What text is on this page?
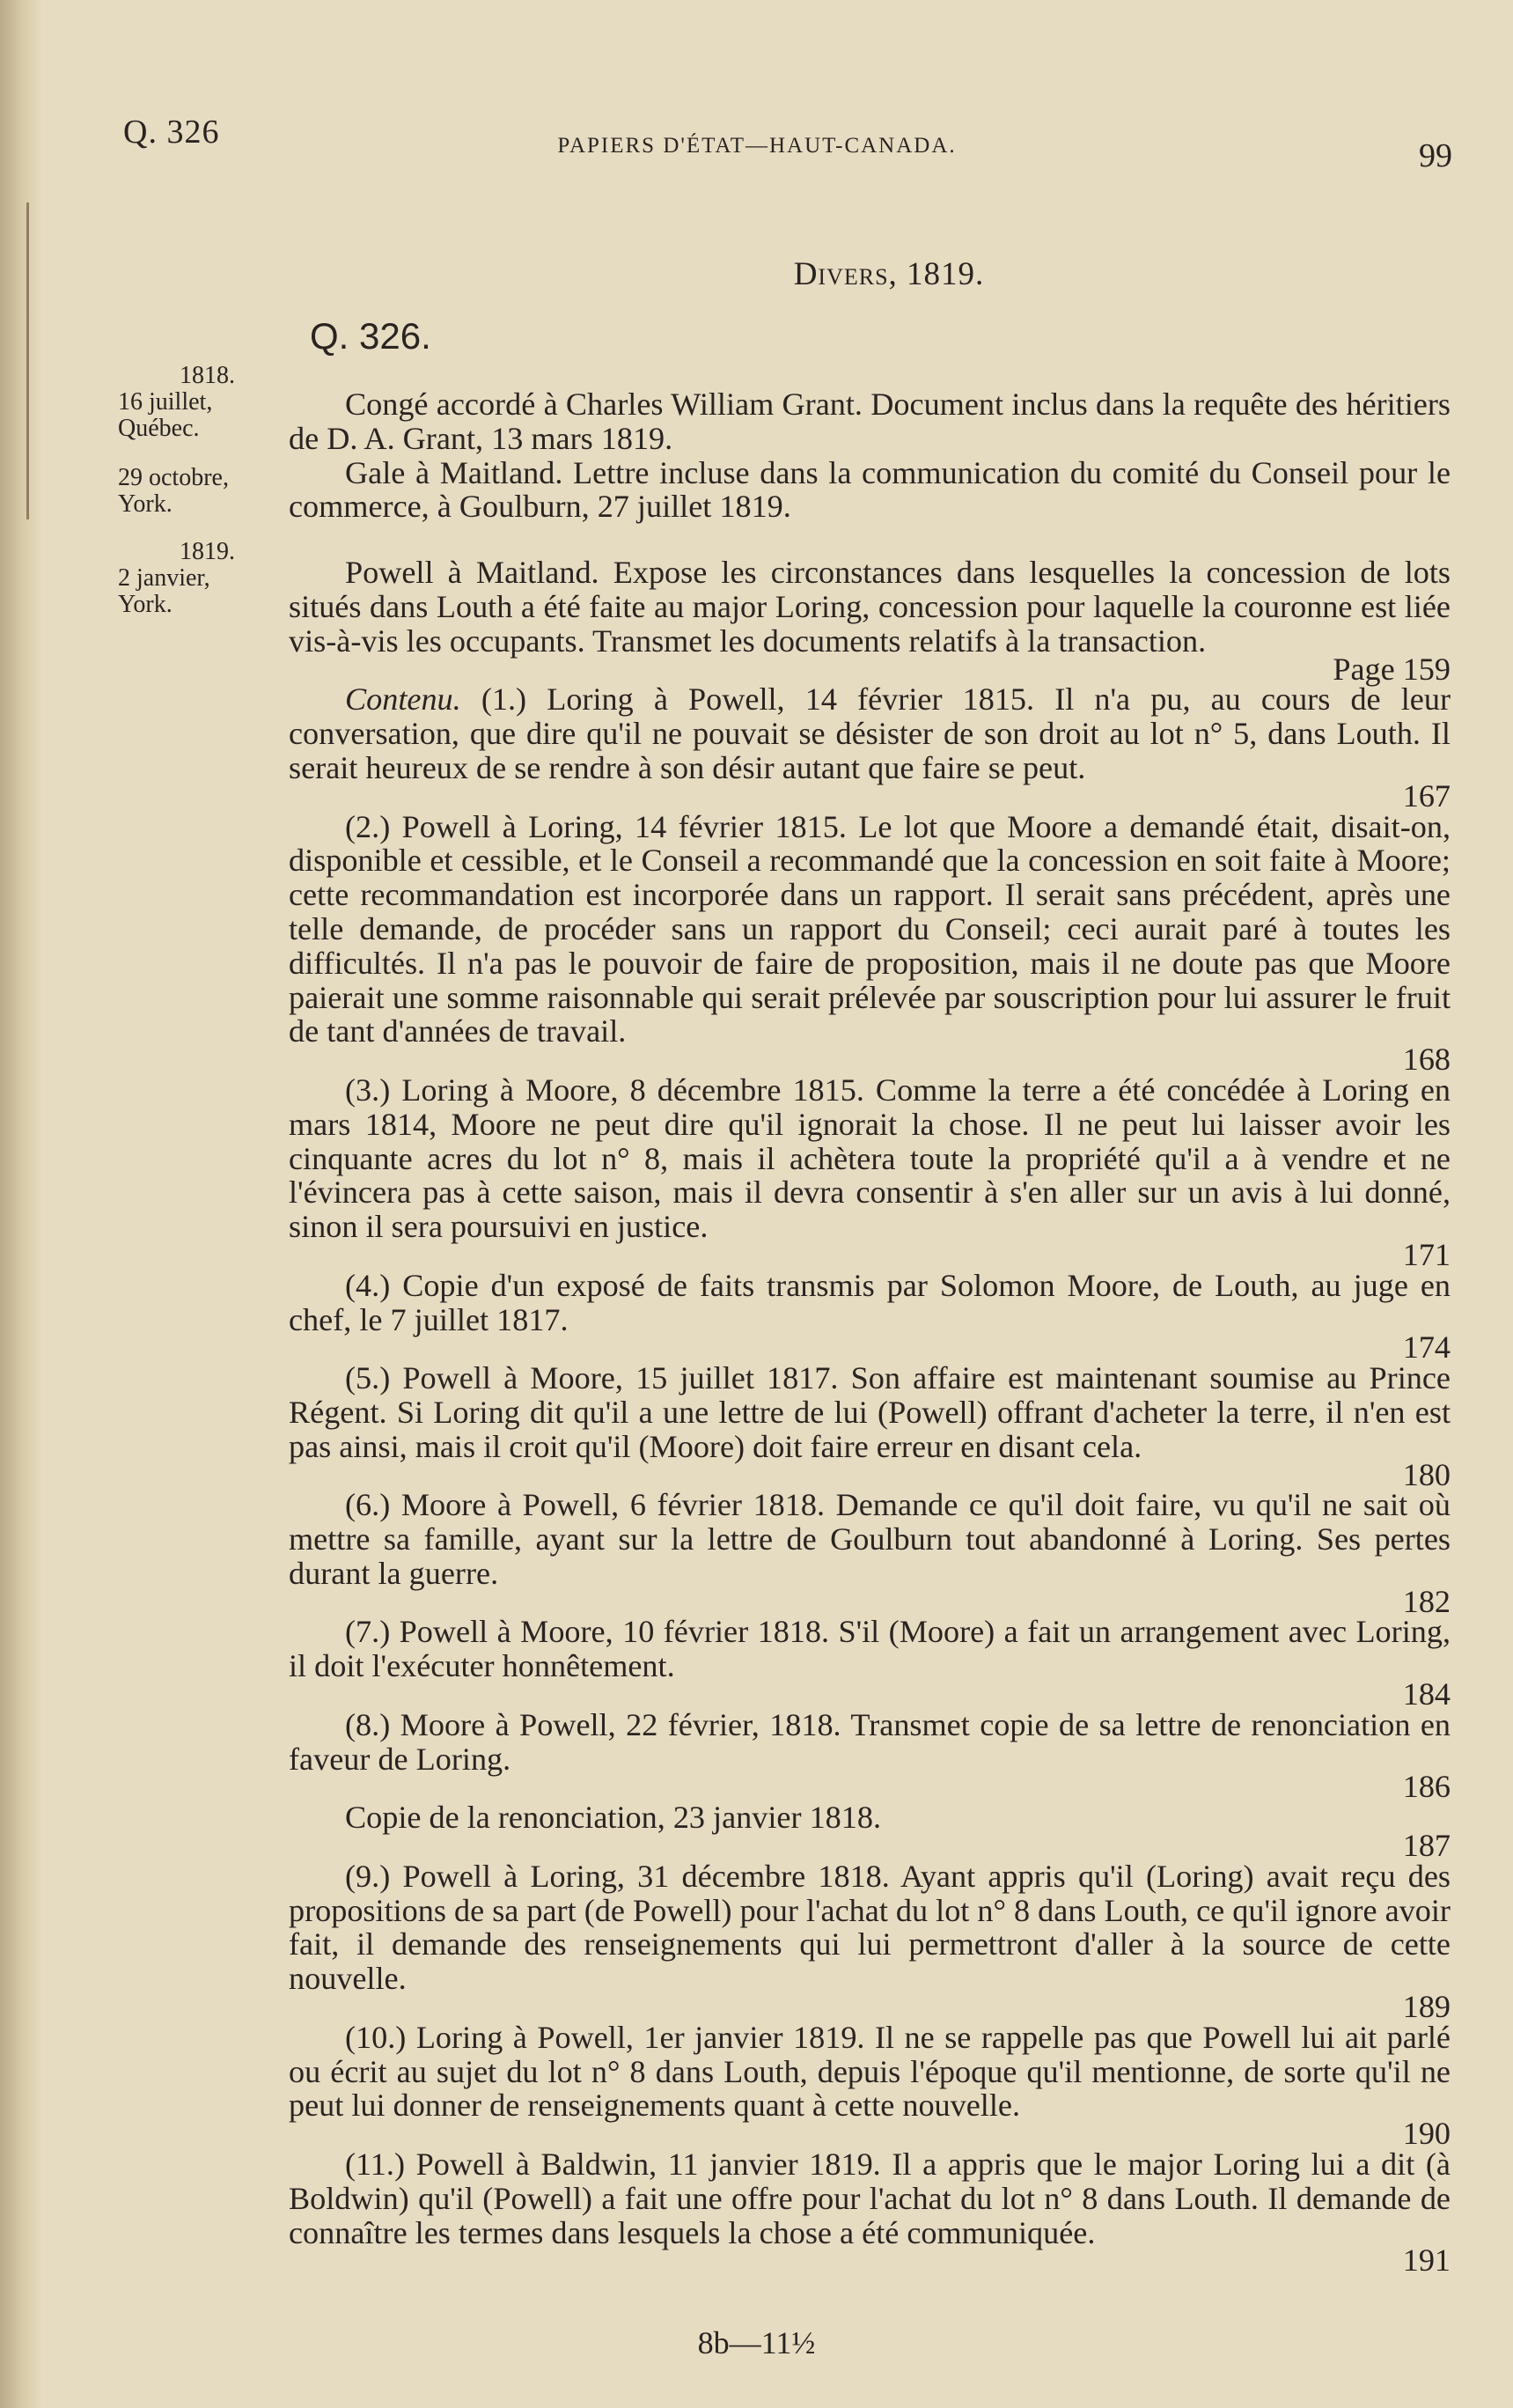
Q. 326	PAPIERS D'ÉTAT—HAUT-CANADA.	99
Divers, 1819.
Q. 326.
1818.
16 juillet,
Québec.
29 octobre,
York.
1819.
2 janvier,
York.

Congé accordé à Charles William Grant. Document inclus dans la requête des héritiers de D. A. Grant, 13 mars 1819.

Gale à Maitland. Lettre incluse dans la communication du comité du Conseil pour le commerce, à Goulburn, 27 juillet 1819.

Powell à Maitland. Expose les circonstances dans lesquelles la concession de lots situés dans Louth a été faite au major Loring, concession pour laquelle la couronne est liée vis-à-vis les occupants. Transmet les documents relatifs à la transaction.
Page 159

Contenu. (1.) Loring à Powell, 14 février 1815. Il n'a pu, au cours de leur conversation, que dire qu'il ne pouvait se désister de son droit au lot n° 5, dans Louth. Il serait heureux de se rendre à son désir autant que faire se peut.
167

(2.) Powell à Loring, 14 février 1815. Le lot que Moore a demandé était, disait-on, disponible et cessible, et le Conseil a recommandé que la concession en soit faite à Moore; cette recommandation est incorporée dans un rapport. Il serait sans précédent, après une telle demande, de procéder sans un rapport du Conseil; ceci aurait paré à toutes les difficultés. Il n'a pas le pouvoir de faire de proposition, mais il ne doute pas que Moore paierait une somme raisonnable qui serait prélevée par souscription pour lui assurer le fruit de tant d'années de travail.
168

(3.) Loring à Moore, 8 décembre 1815. Comme la terre a été concédée à Loring en mars 1814, Moore ne peut dire qu'il ignorait la chose. Il ne peut lui laisser avoir les cinquante acres du lot n° 8, mais il achètera toute la propriété qu'il a à vendre et ne l'évincera pas à cette saison, mais il devra consentir à s'en aller sur un avis à lui donné, sinon il sera poursuivi en justice.
171

(4.) Copie d'un exposé de faits transmis par Solomon Moore, de Louth, au juge en chef, le 7 juillet 1817.
174

(5.) Powell à Moore, 15 juillet 1817. Son affaire est maintenant soumise au Prince Régent. Si Loring dit qu'il a une lettre de lui (Powell) offrant d'acheter la terre, il n'en est pas ainsi, mais il croit qu'il (Moore) doit faire erreur en disant cela.
180

(6.) Moore à Powell, 6 février 1818. Demande ce qu'il doit faire, vu qu'il ne sait où mettre sa famille, ayant sur la lettre de Goulburn tout abandonné à Loring. Ses pertes durant la guerre.
182

(7.) Powell à Moore, 10 février 1818. S'il (Moore) a fait un arrangement avec Loring, il doit l'exécuter honnêtement.
184

(8.) Moore à Powell, 22 février, 1818. Transmet copie de sa lettre de renonciation en faveur de Loring.
186

Copie de la renonciation, 23 janvier 1818.
187

(9.) Powell à Loring, 31 décembre 1818. Ayant appris qu'il (Loring) avait reçu des propositions de sa part (de Powell) pour l'achat du lot n° 8 dans Louth, ce qu'il ignore avoir fait, il demande des renseignements qui lui permettront d'aller à la source de cette nouvelle.
189

(10.) Loring à Powell, 1er janvier 1819. Il ne se rappelle pas que Powell lui ait parlé ou écrit au sujet du lot n° 8 dans Louth, depuis l'époque qu'il mentionne, de sorte qu'il ne peut lui donner de renseignements quant à cette nouvelle.
190

(11.) Powell à Baldwin, 11 janvier 1819. Il a appris que le major Loring lui a dit (à Boldwin) qu'il (Powell) a fait une offre pour l'achat du lot n° 8 dans Louth. Il demande de connaître les termes dans lesquels la chose a été communiquée.
191

8b—11½
